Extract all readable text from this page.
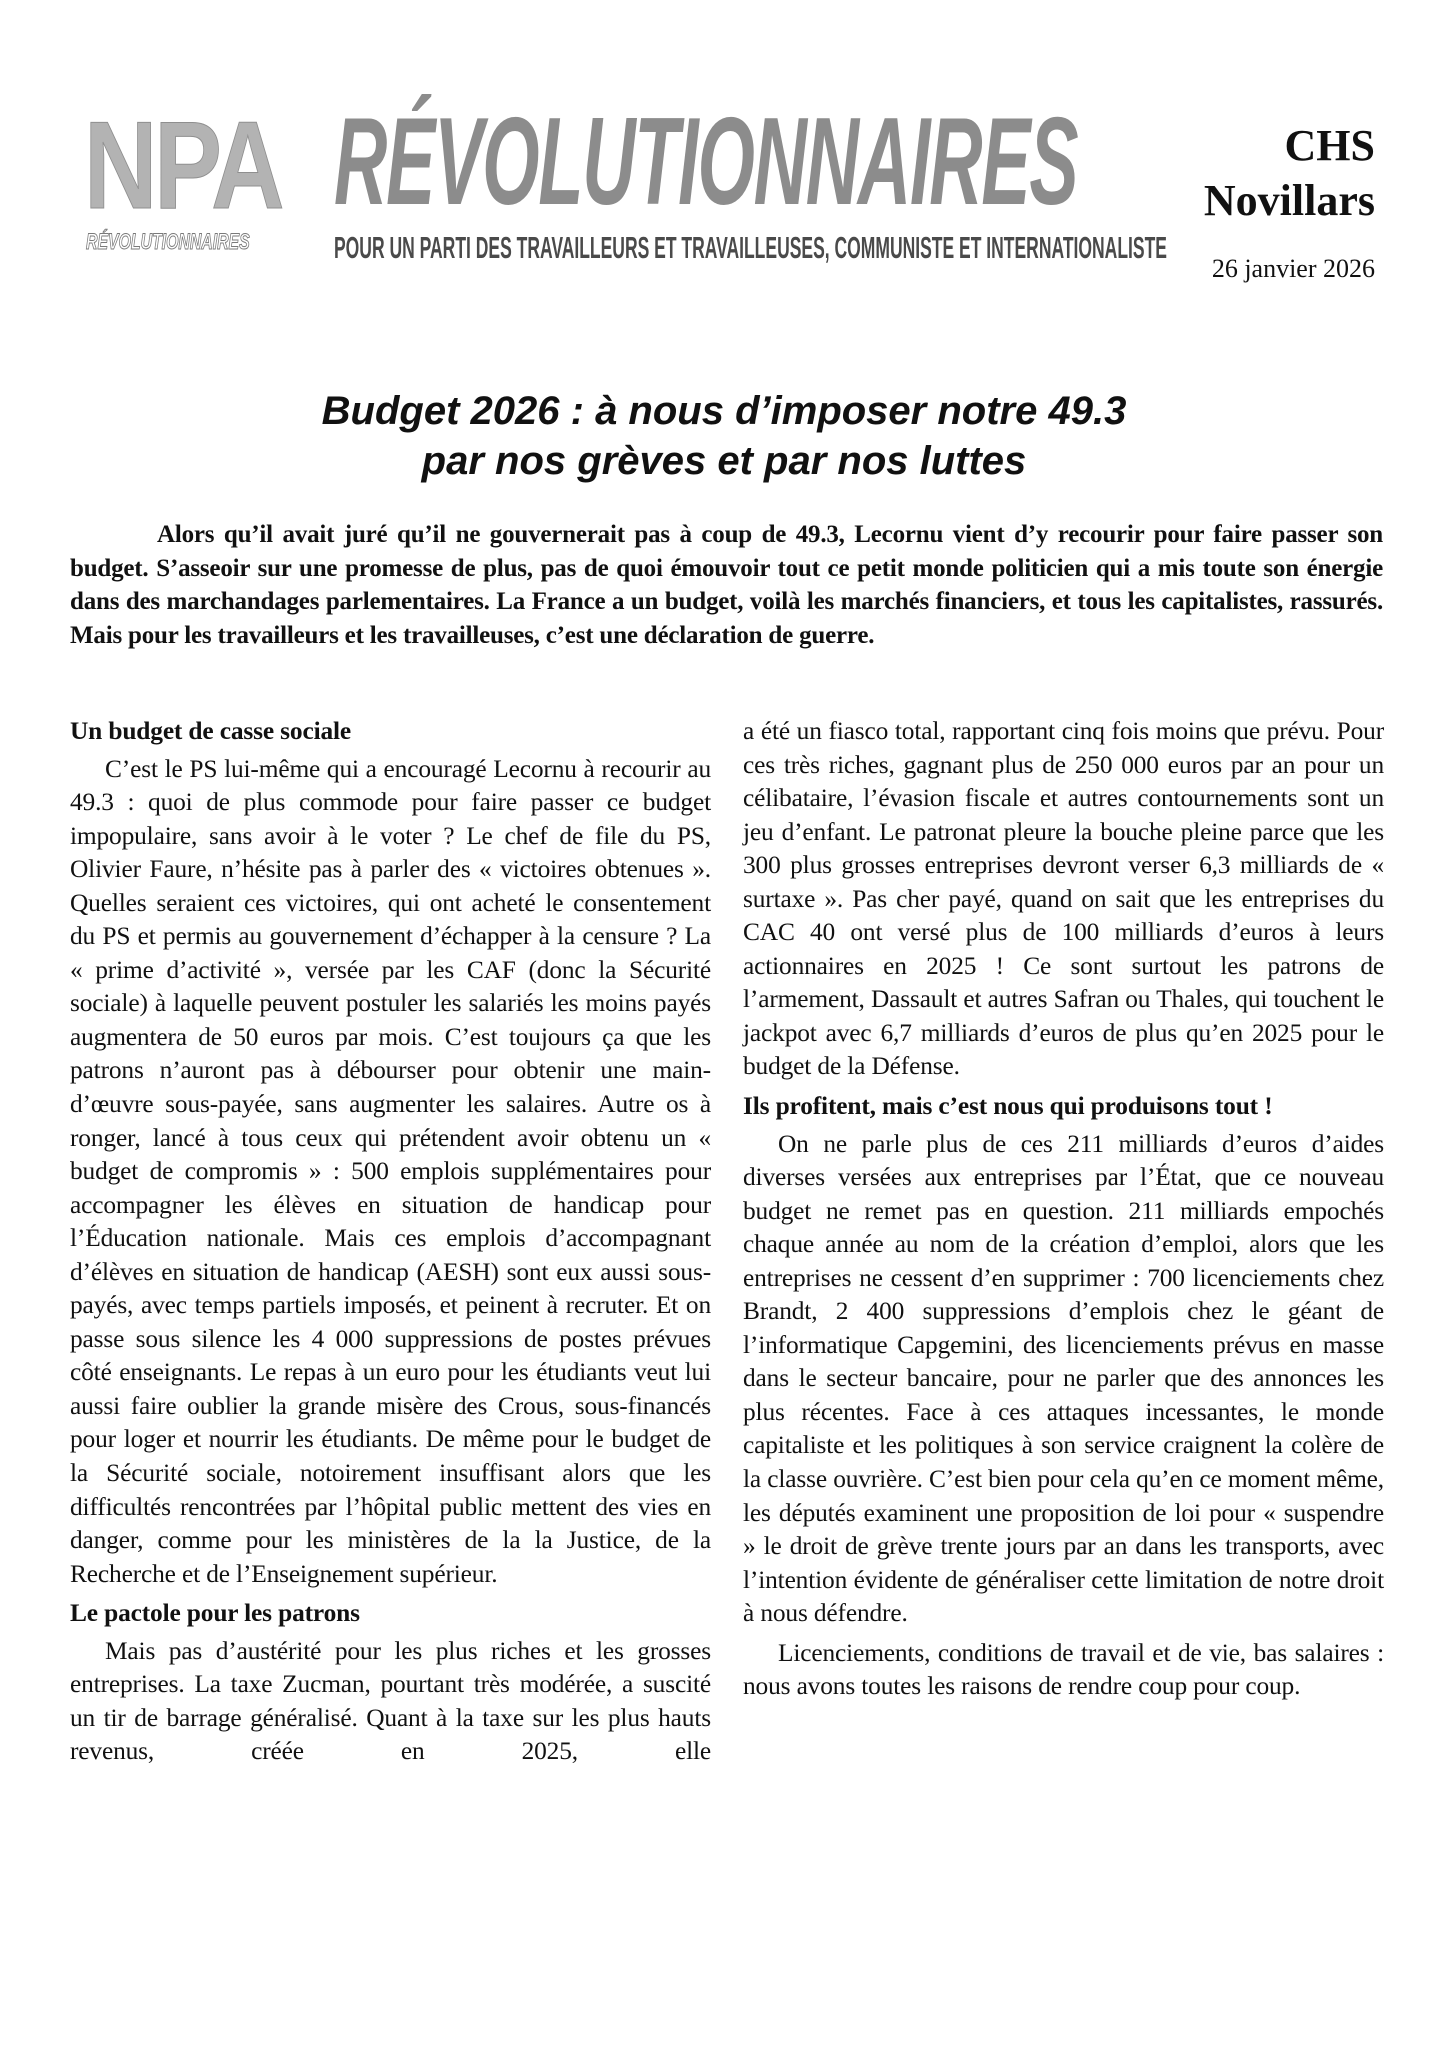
NPA
RÉVOLUTIONNAIRES
RÉVOLUTIONNAIRES
POUR UN PARTI DES TRAVAILLEURS ET TRAVAILLEUSES, COMMUNISTE ET INTERNATIONALISTE
CHS
Novillars
26 janvier 2026
Budget 2026 : à nous d’imposer notre 49.3
par nos grèves et par nos luttes
Alors qu’il avait juré qu’il ne gouvernerait pas à coup de 49.3, Lecornu vient d’y recourir pour faire passer son budget. S’asseoir sur une promesse de plus, pas de quoi émouvoir tout ce petit monde politicien qui a mis toute son énergie dans des marchandages parlementaires. La France a un budget, voilà les marchés financiers, et tous les capitalistes, rassurés. Mais pour les travailleurs et les travailleuses, c’est une déclaration de guerre.
Un budget de casse sociale

C’est le PS lui-même qui a encouragé Lecornu à recourir au 49.3 : quoi de plus commode pour faire passer ce budget impopulaire, sans avoir à le voter ? Le chef de file du PS, Olivier Faure, n’hésite pas à parler des « victoires obtenues ». Quelles seraient ces victoires, qui ont acheté le consentement du PS et permis au gouvernement d’échapper à la censure ? La « prime d’activité », versée par les CAF (donc la Sécurité sociale) à laquelle peuvent postuler les salariés les moins payés augmentera de 50 euros par mois. C’est toujours ça que les patrons n’auront pas à débourser pour obtenir une main-d’œuvre sous-payée, sans augmenter les salaires. Autre os à ronger, lancé à tous ceux qui prétendent avoir obtenu un « budget de compromis » : 500 emplois supplémentaires pour accompagner les élèves en situation de handicap pour l’Éducation nationale. Mais ces emplois d’accompagnant d’élèves en situation de handicap (AESH) sont eux aussi sous-payés, avec temps partiels imposés, et peinent à recruter. Et on passe sous silence les 4 000 suppressions de postes prévues côté enseignants. Le repas à un euro pour les étudiants veut lui aussi faire oublier la grande misère des Crous, sous-financés pour loger et nourrir les étudiants. De même pour le budget de la Sécurité sociale, notoirement insuffisant alors que les difficultés rencontrées par l’hôpital public mettent des vies en danger, comme pour les ministères de la la Justice, de la Recherche et de l’Enseignement supérieur.

Le pactole pour les patrons

Mais pas d’austérité pour les plus riches et les grosses entreprises. La taxe Zucman, pourtant très modérée, a suscité un tir de barrage généralisé. Quant à la taxe sur les plus hauts revenus, créée en 2025, elle

a été un fiasco total, rapportant cinq fois moins que prévu. Pour ces très riches, gagnant plus de 250 000 euros par an pour un célibataire, l’évasion fiscale et autres contournements sont un jeu d’enfant. Le patronat pleure la bouche pleine parce que les 300 plus grosses entreprises devront verser 6,3 milliards de « surtaxe ». Pas cher payé, quand on sait que les entreprises du CAC 40 ont versé plus de 100 milliards d’euros à leurs actionnaires en 2025 ! Ce sont surtout les patrons de l’armement, Dassault et autres Safran ou Thales, qui touchent le jackpot avec 6,7 milliards d’euros de plus qu’en 2025 pour le budget de la Défense.

Ils profitent, mais c’est nous qui produisons tout !

On ne parle plus de ces 211 milliards d’euros d’aides diverses versées aux entreprises par l’État, que ce nouveau budget ne remet pas en question. 211 milliards empochés chaque année au nom de la création d’emploi, alors que les entreprises ne cessent d’en supprimer : 700 licenciements chez Brandt, 2 400 suppressions d’emplois chez le géant de l’informatique Capgemini, des licenciements prévus en masse dans le secteur bancaire, pour ne parler que des annonces les plus récentes. Face à ces attaques incessantes, le monde capitaliste et les politiques à son service craignent la colère de la classe ouvrière. C’est bien pour cela qu’en ce moment même, les députés examinent une proposition de loi pour « suspendre » le droit de grève trente jours par an dans les transports, avec l’intention évidente de généraliser cette limitation de notre droit à nous défendre.

Licenciements, conditions de travail et de vie, bas salaires : nous avons toutes les raisons de rendre coup pour coup.
